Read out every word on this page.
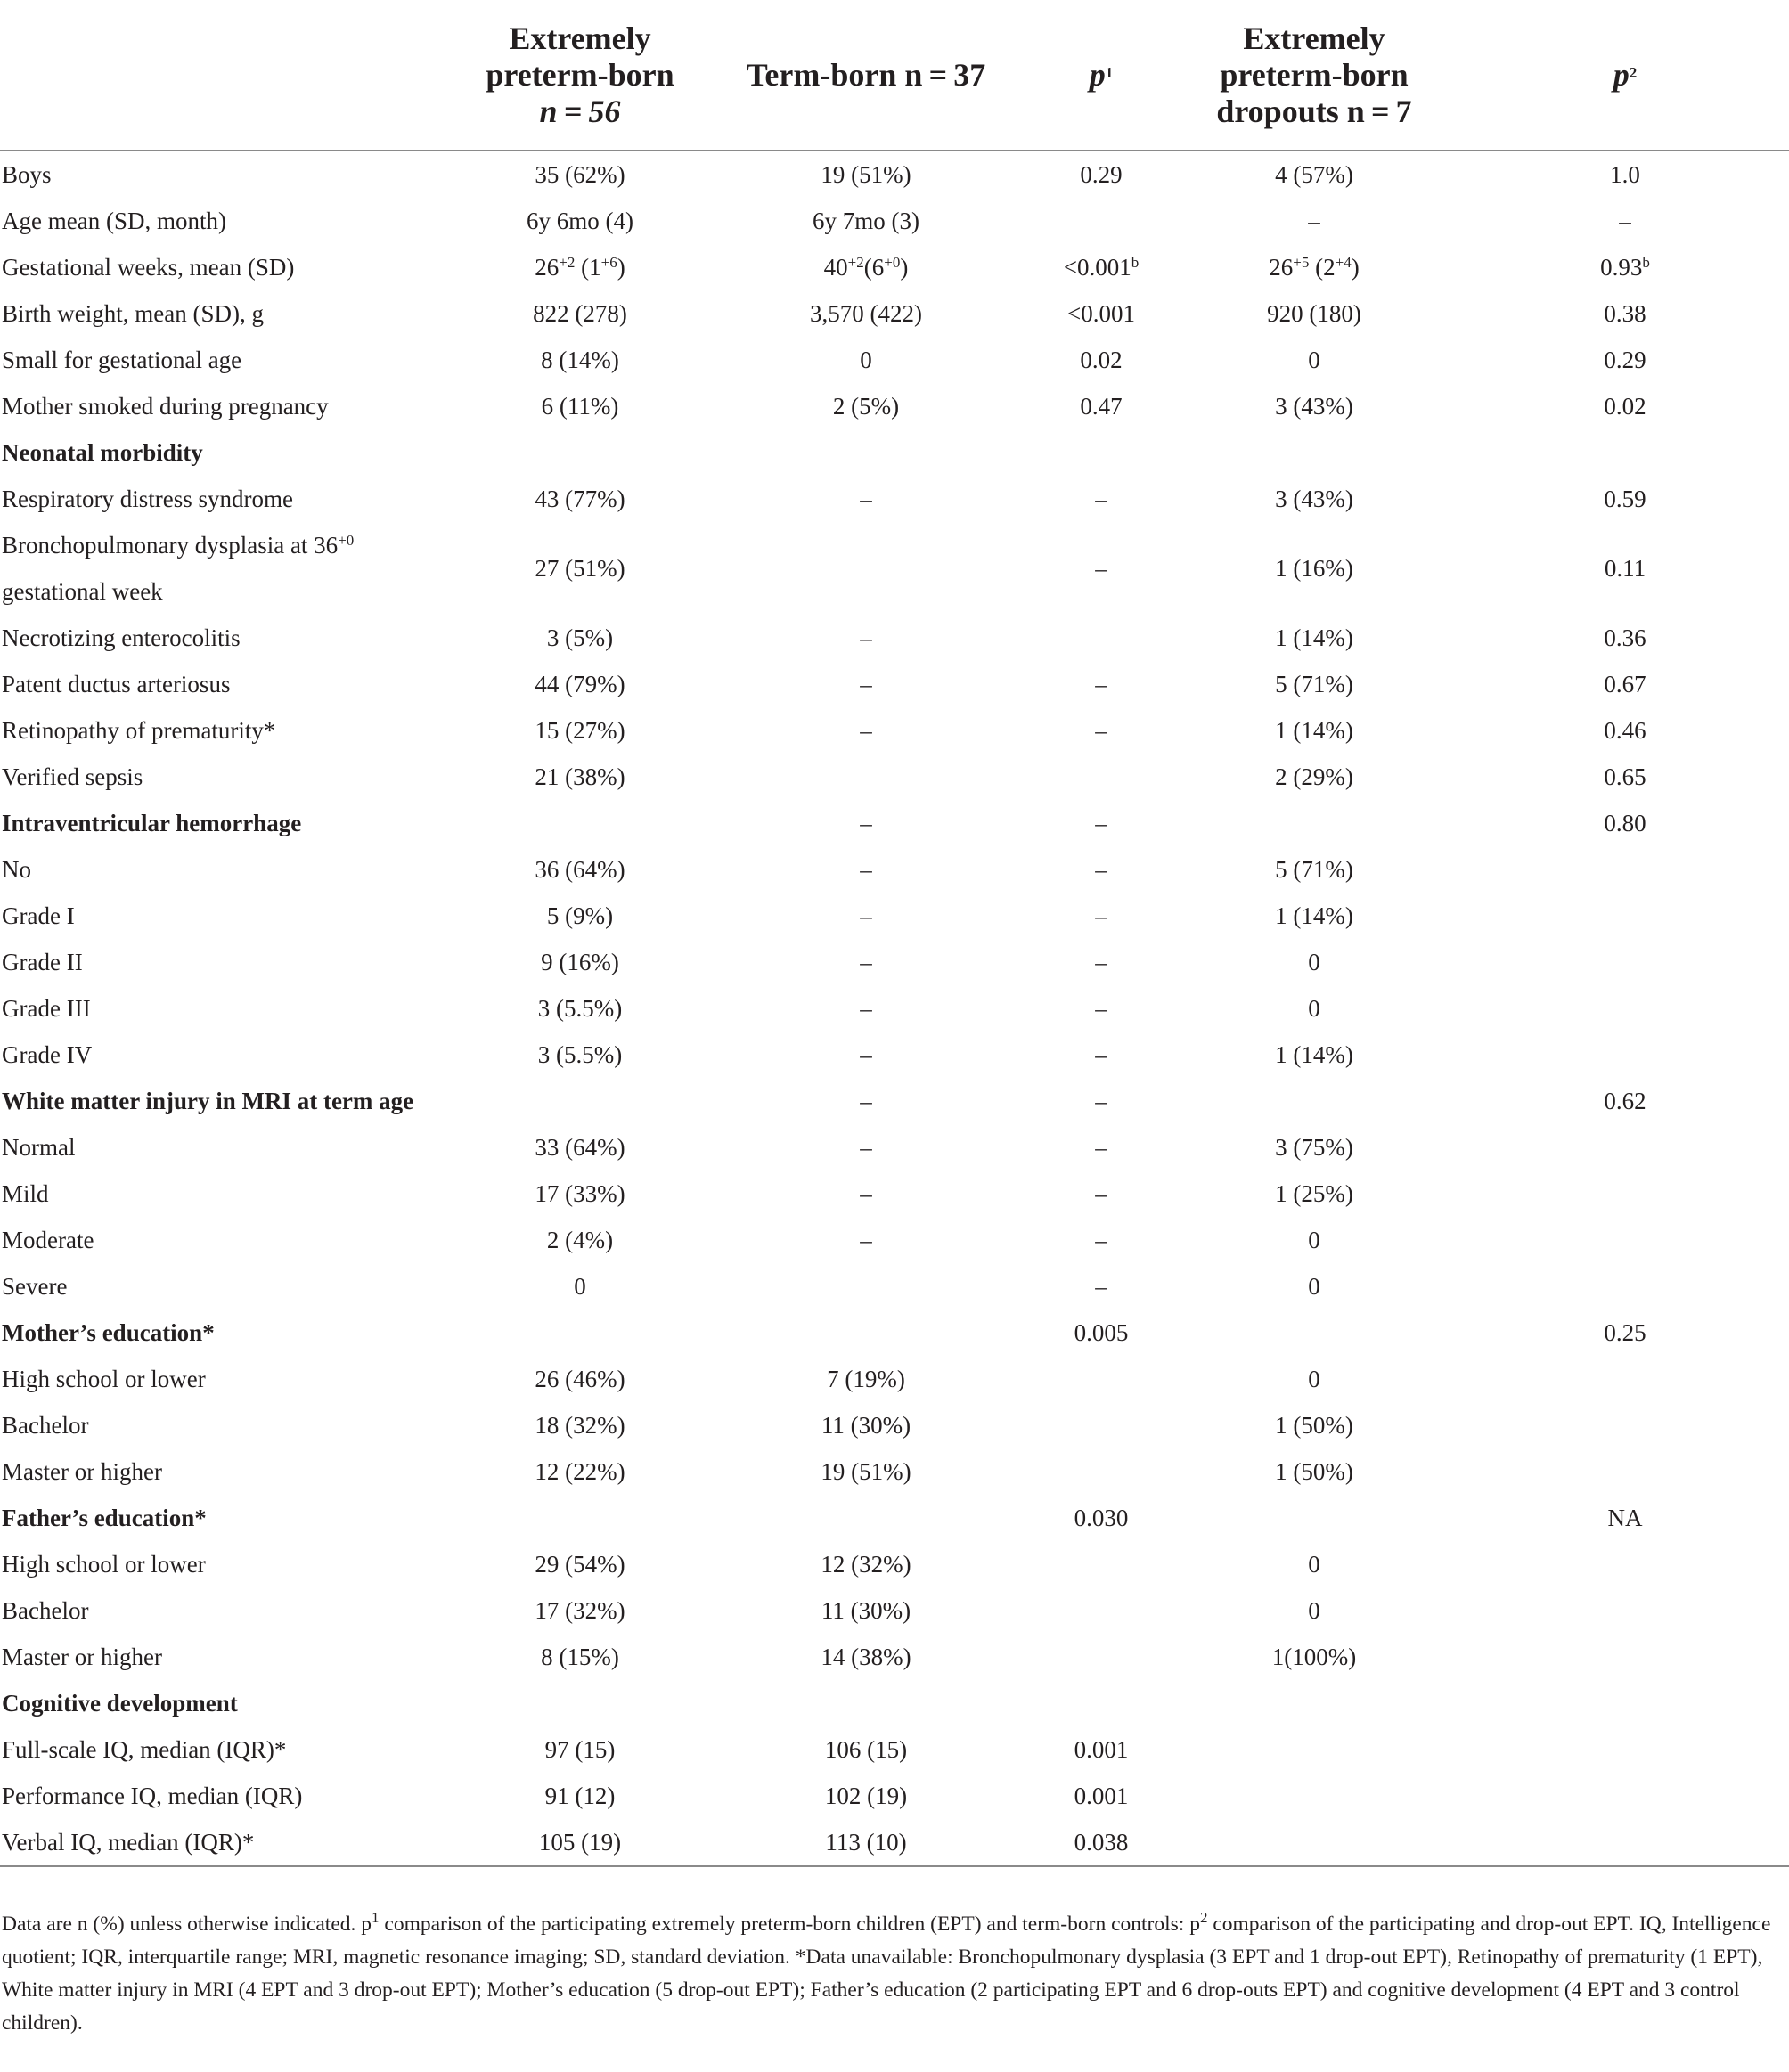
	Extremely
preterm-born
n = 56	Term-born n = 37	$p^1$	Extremely
preterm-born
dropouts n = 7	$p^2$
Boys	35 (62%)	19 (51%)	0.29	4 (57%)	1.0
Age mean (SD, month)	6y 6mo (4)	6y 7mo (3)		–	–
Gestational weeks, mean (SD)	$26^{+2}$ $(1^{+6})$	$40^{+2}(6^{+0})$	<0.001$^b$	$26^{+5}$ $(2^{+4})$	0.93$^b$
Birth weight, mean (SD), g	822 (278)	3,570 (422)	<0.001	920 (180)	0.38
Small for gestational age	8 (14%)	0	0.02	0	0.29
Mother smoked during pregnancy	6 (11%)	2 (5%)	0.47	3 (43%)	0.02
Neonatal morbidity					
Respiratory distress syndrome	43 (77%)	–	–	3 (43%)	0.59
Bronchopulmonary dysplasia at $36^{+0}$ gestational week	27 (51%)		–	1 (16%)	0.11
Necrotizing enterocolitis	3 (5%)	–		1 (14%)	0.36
Patent ductus arteriosus	44 (79%)	–	–	5 (71%)	0.67
Retinopathy of prematurity*	15 (27%)	–	–	1 (14%)	0.46
Verified sepsis	21 (38%)			2 (29%)	0.65
Intraventricular hemorrhage		–	–		0.80
No	36 (64%)	–	–	5 (71%)	
Grade I	5 (9%)	–	–	1 (14%)	
Grade II	9 (16%)	–	–	0	
Grade III	3 (5.5%)	–	–	0	
Grade IV	3 (5.5%)	–	–	1 (14%)	
White matter injury in MRI at term age		–	–		0.62
Normal	33 (64%)	–	–	3 (75%)	
Mild	17 (33%)	–	–	1 (25%)	
Moderate	2 (4%)	–	–	0	
Severe	0		–	0	
Mother’s education*			0.005		0.25
High school or lower	26 (46%)	7 (19%)		0	
Bachelor	18 (32%)	11 (30%)		1 (50%)	
Master or higher	12 (22%)	19 (51%)		1 (50%)	
Father’s education*			0.030		NA
High school or lower	29 (54%)	12 (32%)		0	
Bachelor	17 (32%)	11 (30%)		0	
Master or higher	8 (15%)	14 (38%)		1(100%)	
Cognitive development					
Full-scale IQ, median (IQR)*	97 (15)	106 (15)	0.001		
Performance IQ, median (IQR)	91 (12)	102 (19)	0.001		
Verbal IQ, median (IQR)*	105 (19)	113 (10)	0.038		
Data are n (%) unless otherwise indicated. $p^1$ comparison of the participating extremely preterm-born children (EPT) and term-born controls: $p^2$ comparison of the participating and drop-out EPT. IQ, Intelligence quotient; IQR, interquartile range; MRI, magnetic resonance imaging; SD, standard deviation. *Data unavailable: Bronchopulmonary dysplasia (3 EPT and 1 drop-out EPT), Retinopathy of prematurity (1 EPT), White matter injury in MRI (4 EPT and 3 drop-out EPT); Mother’s education (5 drop-out EPT); Father’s education (2 participating EPT and 6 drop-outs EPT) and cognitive development (4 EPT and 3 control children).
